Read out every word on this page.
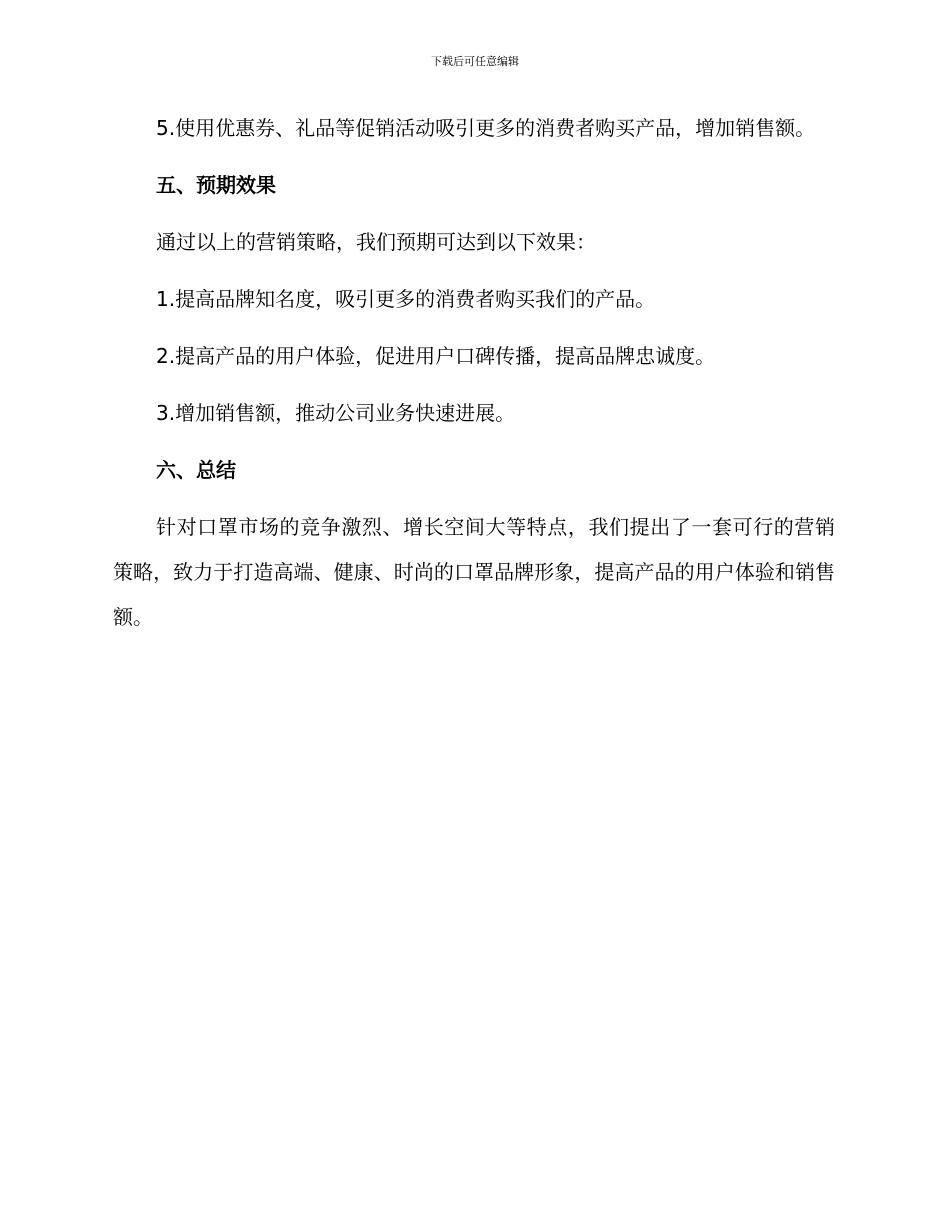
下载后可任意编辑

5.使用优惠券、礼品等促销活动吸引更多的消费者购买产品，增加销售额。

五、预期效果

通过以上的营销策略，我们预期可达到以下效果：

1.提高品牌知名度，吸引更多的消费者购买我们的产品。

2.提高产品的用户体验，促进用户口碑传播，提高品牌忠诚度。

3.增加销售额，推动公司业务快速进展。

六、总结

针对口罩市场的竞争激烈、增长空间大等特点，我们提出了一套可行的营销策略，致力于打造高端、健康、时尚的口罩品牌形象，提高产品的用户体验和销售额。
